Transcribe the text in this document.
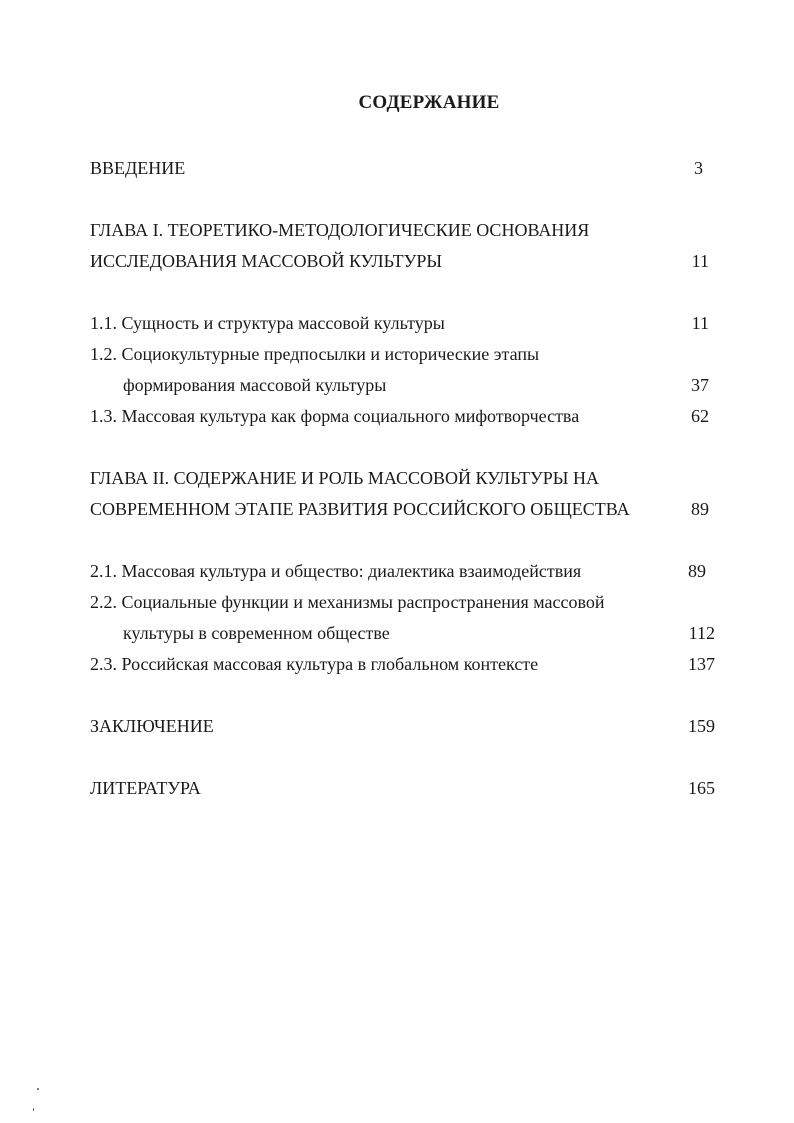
СОДЕРЖАНИЕ
ВВЕДЕНИЕ	3
ГЛАВА I. ТЕОРЕТИКО-МЕТОДОЛОГИЧЕСКИЕ ОСНОВАНИЯ
ИССЛЕДОВАНИЯ МАССОВОЙ КУЛЬТУРЫ	11
1.1. Сущность и структура массовой культуры	11
1.2. Социокультурные предпосылки и исторические этапы
формирования массовой культуры	37
1.3. Массовая культура как форма социального мифотворчества	62
ГЛАВА II. СОДЕРЖАНИЕ И РОЛЬ МАССОВОЙ КУЛЬТУРЫ НА
СОВРЕМЕННОМ ЭТАПЕ РАЗВИТИЯ РОССИЙСКОГО ОБЩЕСТВА	89
2.1. Массовая культура и общество: диалектика взаимодействия	89
2.2. Социальные функции и механизмы распространения массовой
культуры в современном обществе	112
2.3. Российская массовая культура в глобальном контексте	137
ЗАКЛЮЧЕНИЕ	159
ЛИТЕРАТУРА	165
